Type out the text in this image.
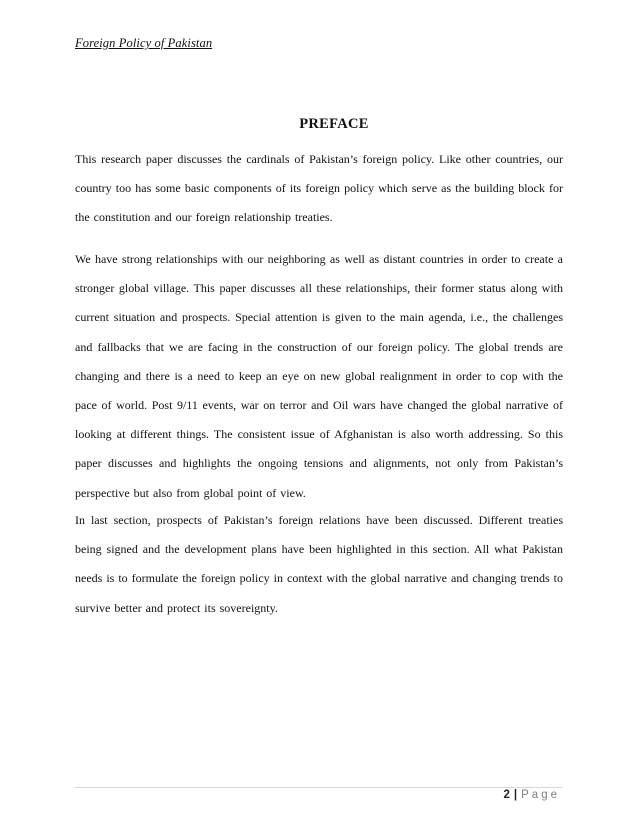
Foreign Policy of Pakistan
PREFACE

This research paper discusses the cardinals of Pakistan’s foreign policy. Like other countries, our country too has some basic components of its foreign policy which serve as the building block for the constitution and our foreign relationship treaties.

We have strong relationships with our neighboring as well as distant countries in order to create a stronger global village. This paper discusses all these relationships, their former status along with current situation and prospects. Special attention is given to the main agenda, i.e., the challenges and fallbacks that we are facing in the construction of our foreign policy. The global trends are changing and there is a need to keep an eye on new global realignment in order to cop with the pace of world. Post 9/11 events, war on terror and Oil wars have changed the global narrative of looking at different things. The consistent issue of Afghanistan is also worth addressing. So this paper discusses and highlights the ongoing tensions and alignments, not only from Pakistan’s perspective but also from global point of view.

In last section, prospects of Pakistan’s foreign relations have been discussed. Different treaties being signed and the development plans have been highlighted in this section. All what Pakistan needs is to formulate the foreign policy in context with the global narrative and changing trends to survive better and protect its sovereignty.

2 | Page
